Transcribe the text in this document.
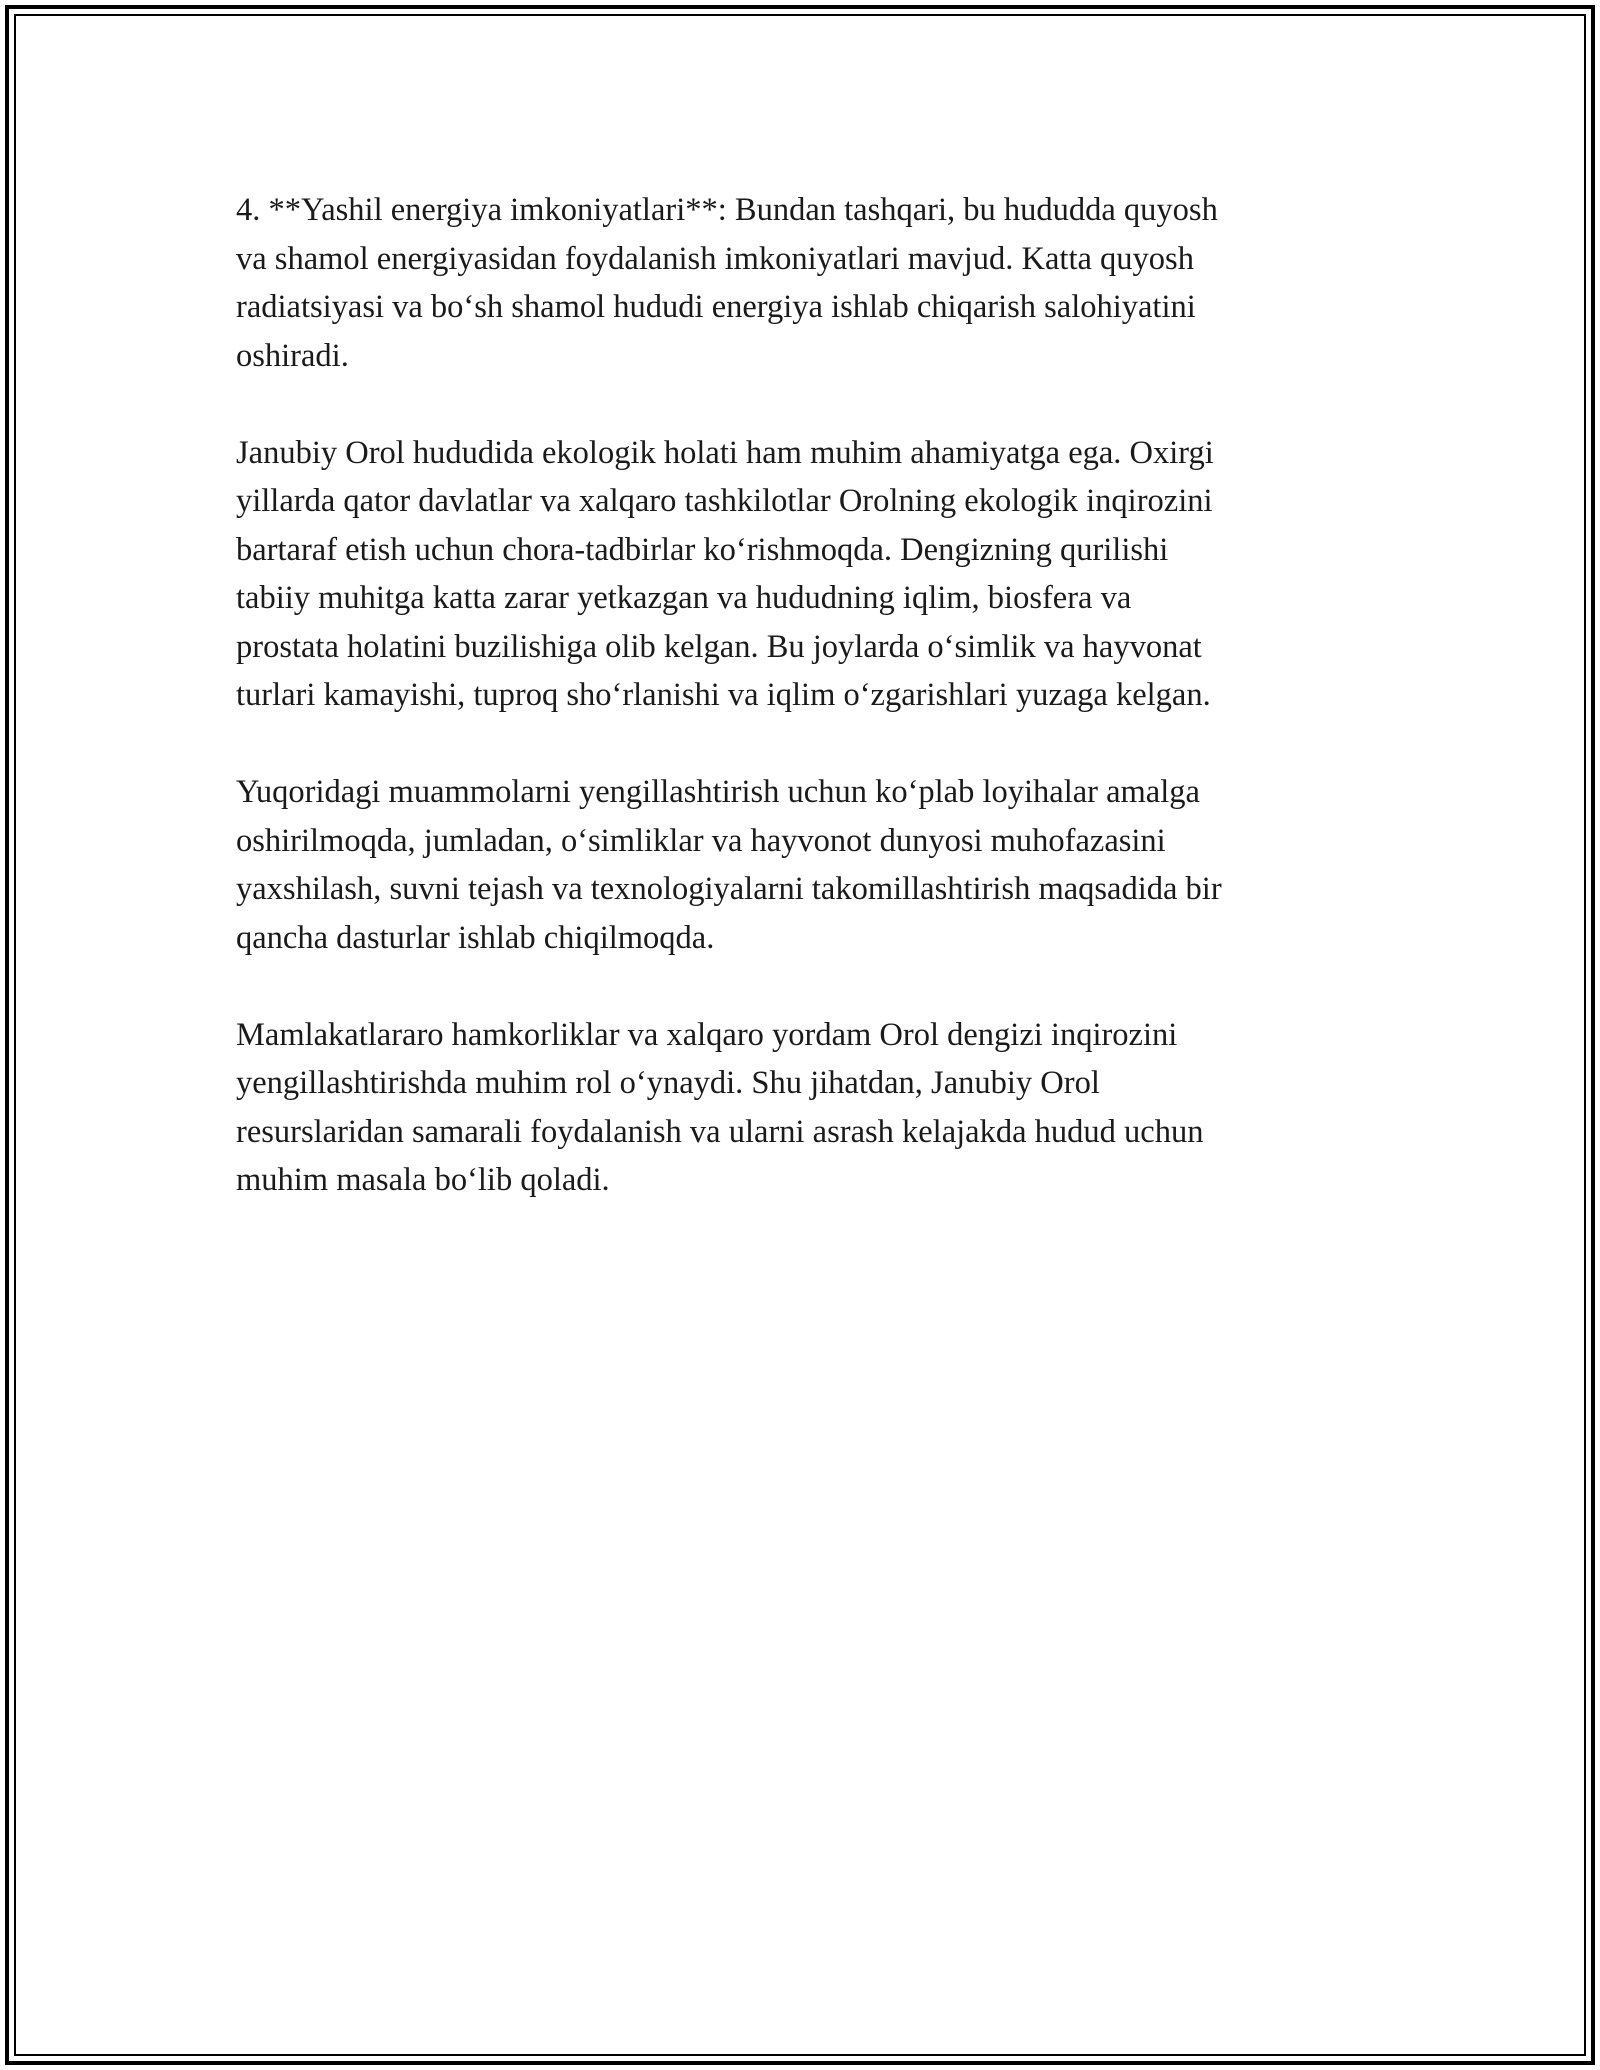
4. **Yashil energiya imkoniyatlari**: Bundan tashqari, bu hududda quyosh
va shamol energiyasidan foydalanish imkoniyatlari mavjud. Katta quyosh
radiatsiyasi va bo‘sh shamol hududi energiya ishlab chiqarish salohiyatini
oshiradi.

Janubiy Orol hududida ekologik holati ham muhim ahamiyatga ega. Oxirgi
yillarda qator davlatlar va xalqaro tashkilotlar Orolning ekologik inqirozini
bartaraf etish uchun chora-tadbirlar ko‘rishmoqda. Dengizning qurilishi
tabiiy muhitga katta zarar yetkazgan va hududning iqlim, biosfera va
prostata holatini buzilishiga olib kelgan. Bu joylarda o‘simlik va hayvonat
turlari kamayishi, tuproq sho‘rlanishi va iqlim o‘zgarishlari yuzaga kelgan.

Yuqoridagi muammolarni yengillashtirish uchun ko‘plab loyihalar amalga
oshirilmoqda, jumladan, o‘simliklar va hayvonot dunyosi muhofazasini
yaxshilash, suvni tejash va texnologiyalarni takomillashtirish maqsadida bir
qancha dasturlar ishlab chiqilmoqda.

Mamlakatlararo hamkorliklar va xalqaro yordam Orol dengizi inqirozini
yengillashtirishda muhim rol o‘ynaydi. Shu jihatdan, Janubiy Orol
resurslaridan samarali foydalanish va ularni asrash kelajakda hudud uchun
muhim masala bo‘lib qoladi.
